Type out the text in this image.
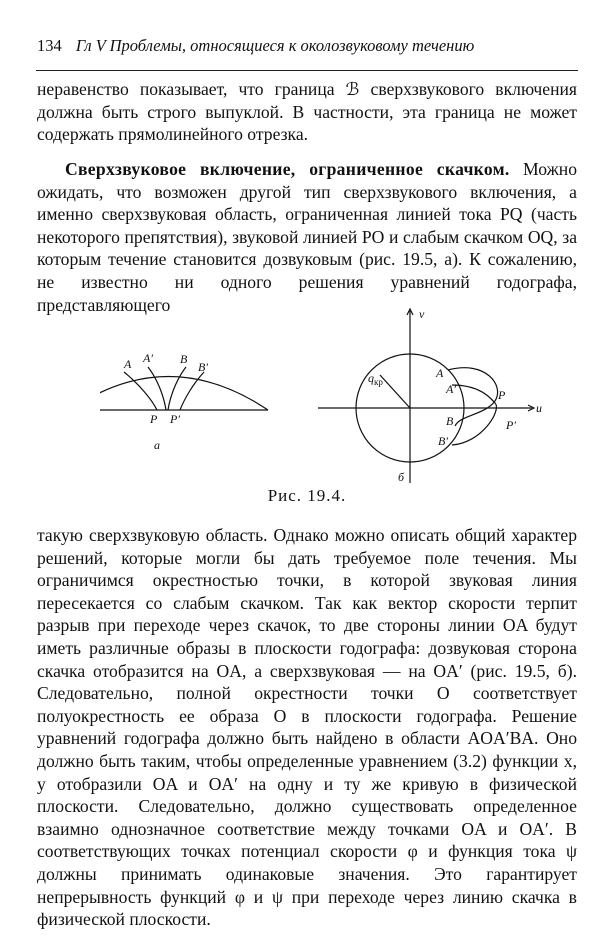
134 Гл V Проблемы, относящиеся к околозвуковому течению
неравенство показывает, что граница ℬ сверхзвукового включения должна быть строго выпуклой. В частности, эта граница не может содержать прямолинейного отрезка.
Сверхзвуковое включение, ограниченное скачком. Можно ожидать, что возможен другой тип сверхзвукового включения, а именно сверхзвуковая область, ограниченная линией тока PQ (часть некоторого препятствия), звуковой линией PO и слабым скачком OQ, за которым течение становится дозвуковым (рис. 19.5, а). К сожалению, не известно ни одного решения уравнений годографа, представляющего
A A′ B
B′
P P′
а
v
u
$q_{кр}$
A
A′	P
B
B′
P′
б
Рис. 19.4.
такую сверхзвуковую область. Однако можно описать общий характер решений, которые могли бы дать требуемое поле течения. Мы ограничимся окрестностью точки, в которой звуковая линия пересекается со слабым скачком. Так как вектор скорости терпит разрыв при переходе через скачок, то две стороны линии OA будут иметь различные образы в плоскости годографа: дозвуковая сторона скачка отобразится на OA, а сверхзвуковая — на OA′ (рис. 19.5, б). Следовательно, полной окрестности точки O соответствует полуокрестность ее образа O в плоскости годографа. Решение уравнений годографа должно быть найдено в области AOA′BA. Оно должно быть таким, чтобы определенные уравнением (3.2) функции x, y отобразили OA и OA′ на одну и ту же кривую в физической плоскости. Следовательно, должно существовать определенное взаимно однозначное соответствие между точками OA и OA′. В соответствующих точках потенциал скорости φ и функция тока ψ должны принимать одинаковые значения. Это гарантирует непрерывность функций φ и ψ при переходе через линию скачка в физической плоскости.
